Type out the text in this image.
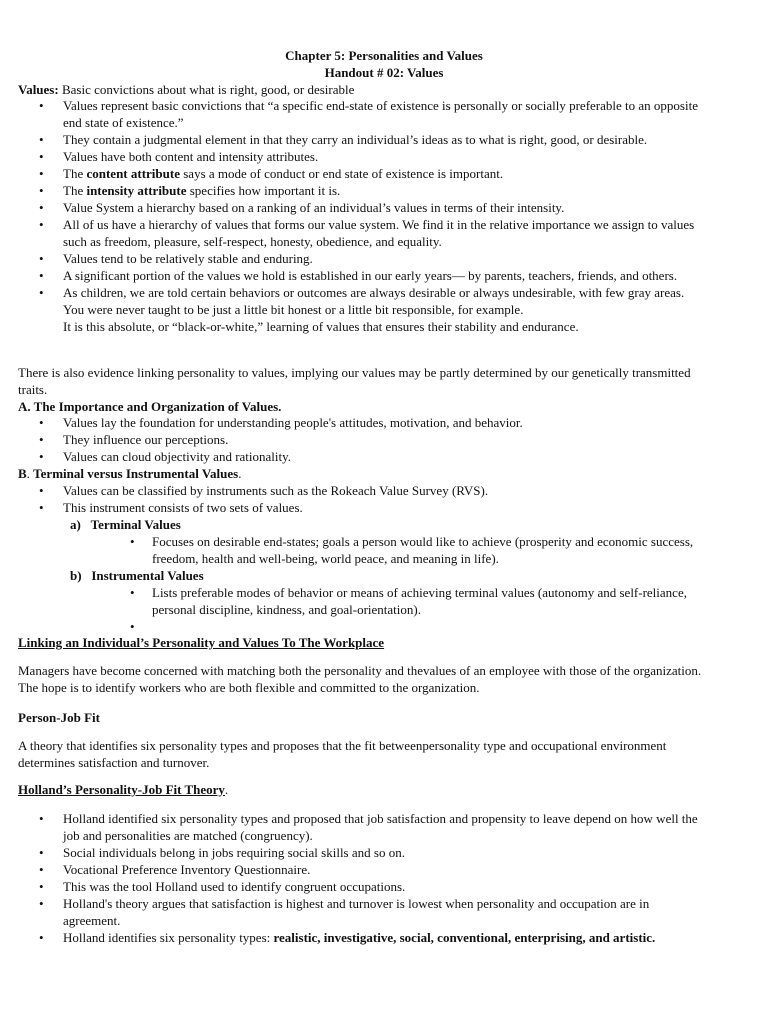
Chapter 5: Personalities and Values
Handout # 02: Values
Values: Basic convictions about what is right, good, or desirable
• Values represent basic convictions that “a specific end-state of existence is personally or socially preferable to an opposite
end state of existence.”
• They contain a judgmental element in that they carry an individual’s ideas as to what is right, good, or desirable.
• Values have both content and intensity attributes.
• The content attribute says a mode of conduct or end state of existence is important.
• The intensity attribute specifies how important it is.
• Value System a hierarchy based on a ranking of an individual’s values in terms of their intensity.
• All of us have a hierarchy of values that forms our value system. We find it in the relative importance we assign to values
such as freedom, pleasure, self-respect, honesty, obedience, and equality.
• Values tend to be relatively stable and enduring.
• A significant portion of the values we hold is established in our early years— by parents, teachers, friends, and others.
• As children, we are told certain behaviors or outcomes are always desirable or always undesirable, with few gray areas.
You were never taught to be just a little bit honest or a little bit responsible, for example.
It is this absolute, or “black-or-white,” learning of values that ensures their stability and endurance.
There is also evidence linking personality to values, implying our values may be partly determined by our genetically transmitted
traits.
A. The Importance and Organization of Values.
• Values lay the foundation for understanding people's attitudes, motivation, and behavior.
• They influence our perceptions.
• Values can cloud objectivity and rationality.
B. Terminal versus Instrumental Values.
• Values can be classified by instruments such as the Rokeach Value Survey (RVS).
• This instrument consists of two sets of values.
a) Terminal Values
• Focuses on desirable end-states; goals a person would like to achieve (prosperity and economic success,
freedom, health and well-being, world peace, and meaning in life).
b) Instrumental Values
• Lists preferable modes of behavior or means of achieving terminal values (autonomy and self-reliance,
personal discipline, kindness, and goal-orientation).
•
Linking an Individual’s Personality and Values To The Workplace
Managers have become concerned with matching both the personality and thevalues of an employee with those of the organization.
The hope is to identify workers who are both flexible and committed to the organization.
Person-Job Fit
A theory that identifies six personality types and proposes that the fit betweenpersonality type and occupational environment
determines satisfaction and turnover.
Holland’s Personality-Job Fit Theory.
• Holland identified six personality types and proposed that job satisfaction and propensity to leave depend on how well the
job and personalities are matched (congruency).
• Social individuals belong in jobs requiring social skills and so on.
• Vocational Preference Inventory Questionnaire.
• This was the tool Holland used to identify congruent occupations.
• Holland's theory argues that satisfaction is highest and turnover is lowest when personality and occupation are in
agreement.
• Holland identifies six personality types: realistic, investigative, social, conventional, enterprising, and artistic.
